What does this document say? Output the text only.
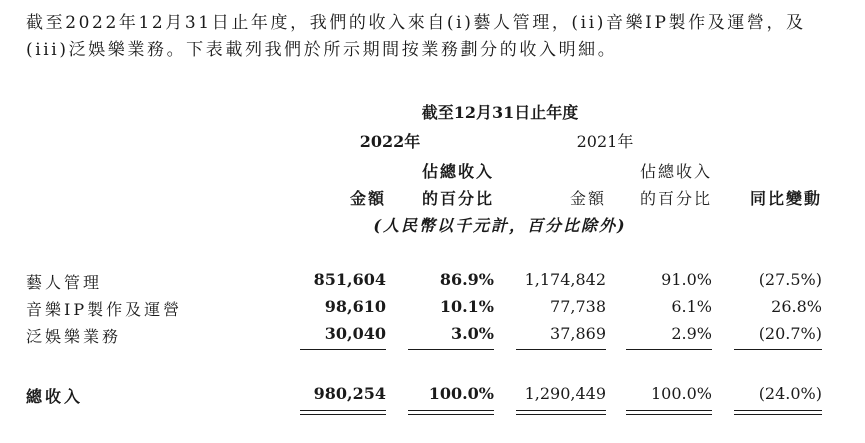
截至2022年12月31日止年度，我們的收入來自(i)藝人管理，(ii)音樂IP製作及運營，及(iii)泛娛樂業務。下表載列我們於所示期間按業務劃分的收入明細。

截至12月31日止年度
2022年	2021年
佔總收入	佔總收入
金額	的百分比	金額	的百分比	同比變動
(人民幣以千元計，百分比除外)
藝人管理	851,604	86.9%	1,174,842	91.0%	(27.5%)
音樂IP製作及運營	98,610	10.1%	77,738	6.1%	26.8%
泛娛樂業務	30,040	3.0%	37,869	2.9%	(20.7%)
總收入	980,254	100.0%	1,290,449	100.0%	(24.0%)
